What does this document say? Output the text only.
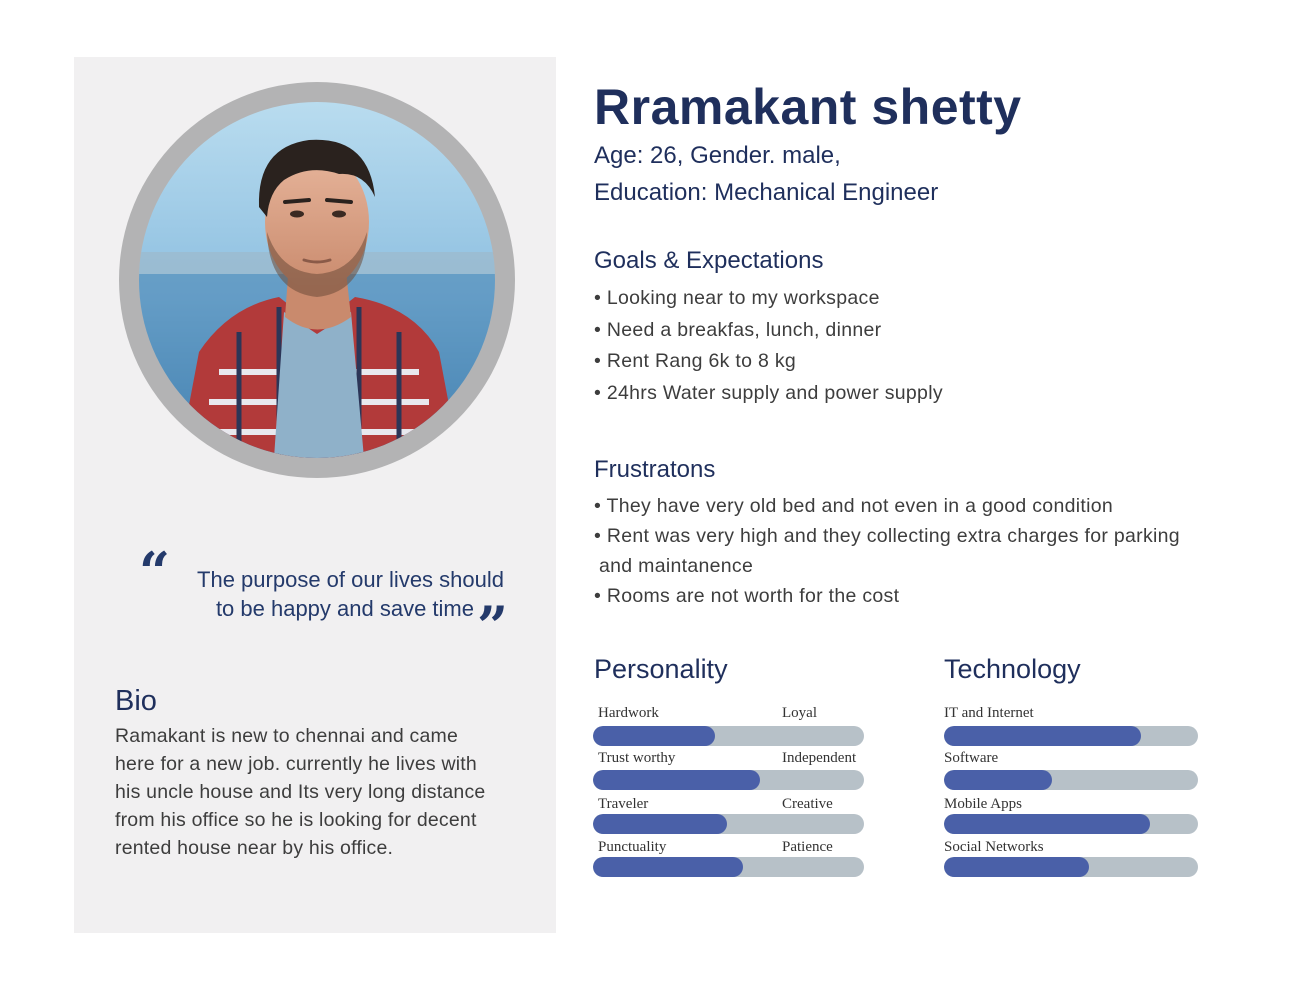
“	The purpose of our lives should
to be happy and save time ”
Bio
Ramakant is new to chennai and came
here for a new job. currently he lives with
his uncle house and Its very long distance
from his office so he is looking for decent
rented house near by his office.
Rramakant shetty
Age: 26, Gender. male,
Education: Mechanical Engineer
Goals & Expectations
• Looking near to my workspace
• Need a breakfas, lunch, dinner
• Rent Rang 6k to 8 kg
• 24hrs Water supply and power supply
Frustratons
• They have very old bed and not even in a good condition
• Rent was very high and they collecting extra charges for parking
and maintanence
• Rooms are not worth for the cost
Personality	Technology
Hardwork	Loyal
Trust worthy	Independent
Traveler	Creative
Punctuality	Patience
IT and Internet
Software
Mobile Apps
Social Networks
